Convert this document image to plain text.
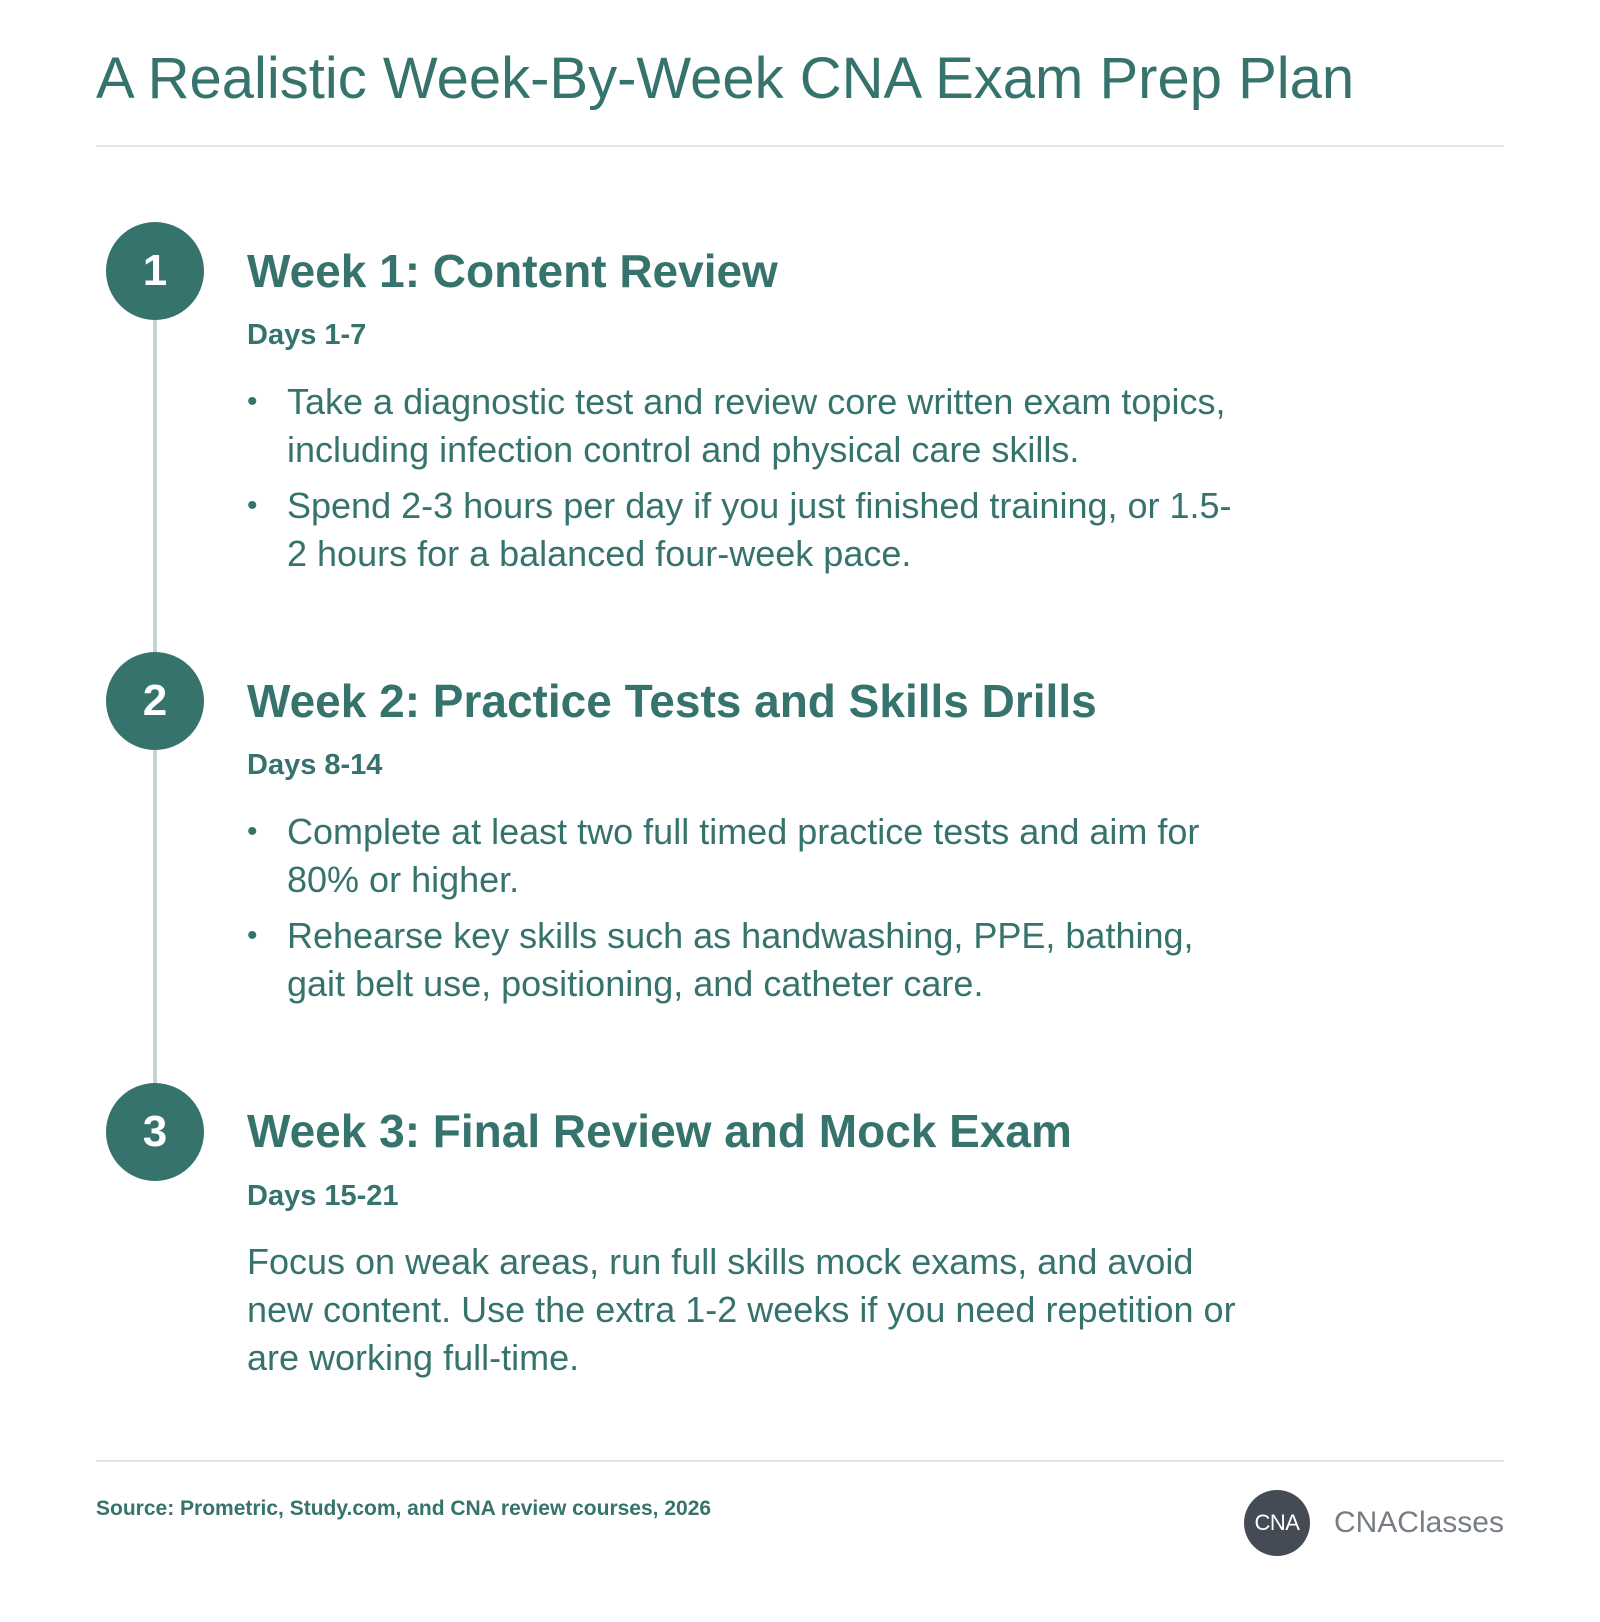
A Realistic Week-By-Week CNA Exam Prep Plan
1	Week 1: Content Review
Days 1-7
• Take a diagnostic test and review core written exam topics, including infection control and physical care skills.
• Spend 2-3 hours per day if you just finished training, or 1.5-2 hours for a balanced four-week pace.
2	Week 2: Practice Tests and Skills Drills
Days 8-14
• Complete at least two full timed practice tests and aim for 80% or higher.
• Rehearse key skills such as handwashing, PPE, bathing, gait belt use, positioning, and catheter care.
3	Week 3: Final Review and Mock Exam
Days 15-21

Focus on weak areas, run full skills mock exams, and avoid new content. Use the extra 1-2 weeks if you need repetition or are working full-time.

Source: Prometric, Study.com, and CNA review courses, 2026
CNA	CNAClasses
